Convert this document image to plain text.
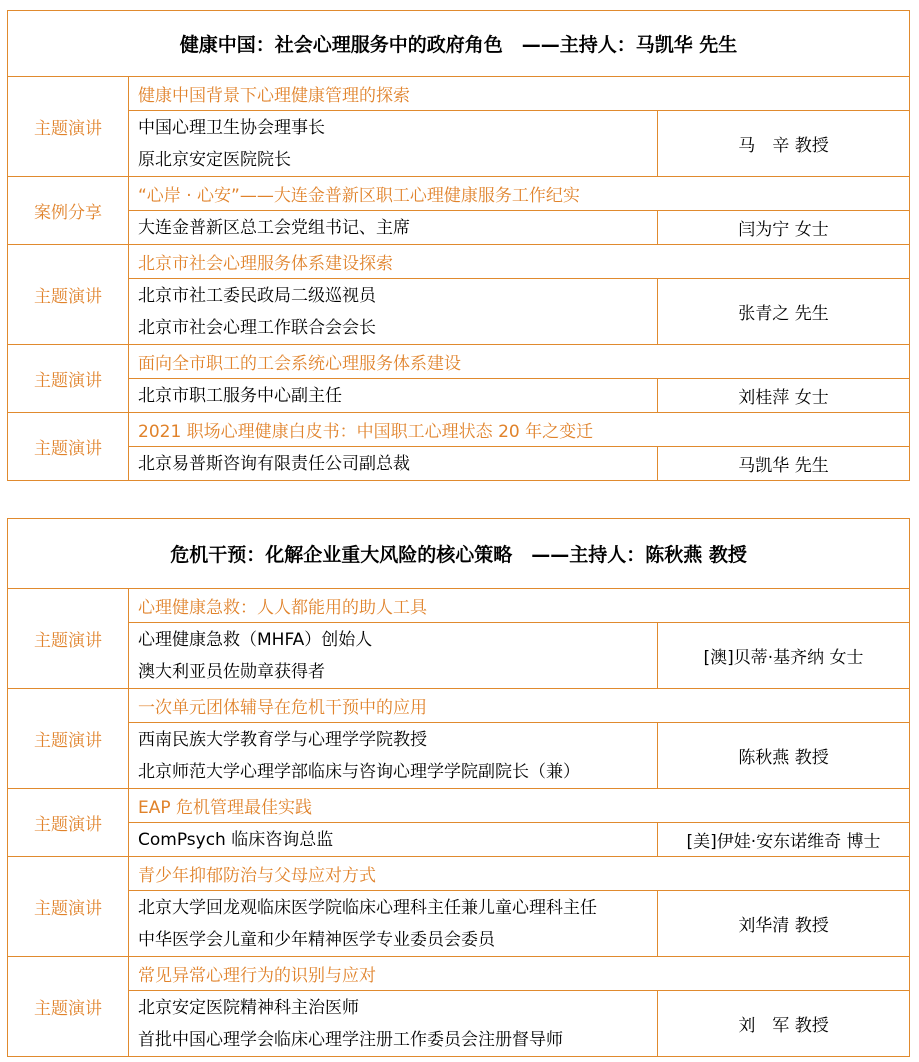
健康中国：社会心理服务中的政府角色　——主持人：马凯华 先生		
主题演讲	健康中国背景下心理健康管理的探索	

	中国心理卫生协会理事长
原北京安定医院院长	马　辛 教授
案例分享	“心岸 · 心安”——大连金普新区职工心理健康服务工作纪实	

	大连金普新区总工会党组书记、主席	闫为宁 女士
主题演讲	北京市社会心理服务体系建设探索	

	北京市社工委民政局二级巡视员
北京市社会心理工作联合会会长	张青之 先生
主题演讲	面向全市职工的工会系统心理服务体系建设	

	北京市职工服务中心副主任	刘桂萍 女士
主题演讲	2021 职场心理健康白皮书：中国职工心理状态 20 年之变迁	

	北京易普斯咨询有限责任公司副总裁	马凯华 先生
危机干预：化解企业重大风险的核心策略　——主持人：陈秋燕 教授		
主题演讲	心理健康急救：人人都能用的助人工具	

	心理健康急救（MHFA）创始人
澳大利亚员佐勋章获得者	[澳]贝蒂·基齐纳 女士
主题演讲	一次单元团体辅导在危机干预中的应用	

	西南民族大学教育学与心理学学院教授
北京师范大学心理学部临床与咨询心理学学院副院长（兼）	陈秋燕 教授
主题演讲	EAP 危机管理最佳实践	

	ComPsych 临床咨询总监	[美]伊娃·安东诺维奇 博士
主题演讲	青少年抑郁防治与父母应对方式	

	北京大学回龙观临床医学院临床心理科主任兼儿童心理科主任
中华医学会儿童和少年精神医学专业委员会委员	刘华清 教授
主题演讲	常见异常心理行为的识别与应对	

	北京安定医院精神科主治医师
首批中国心理学会临床心理学注册工作委员会注册督导师	刘　军 教授
